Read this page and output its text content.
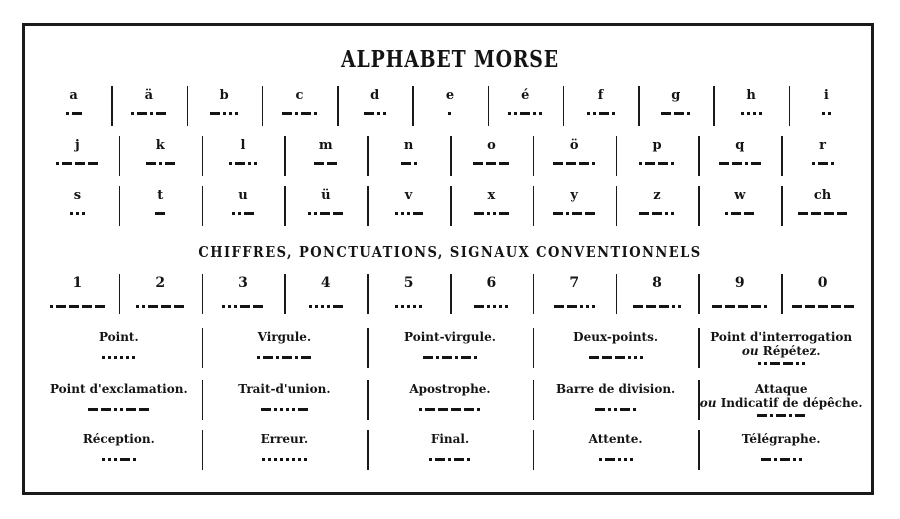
ALPHABET MORSE
CHIFFRES, PONCTUATIONS, SIGNAUX CONVENTIONNELS
a	ä	b	c	d	e	é	f	g	h	i
j	k	l	m	n	o	ö	p	q	r
s	t	u	ü	v	x	y	z	w	ch
1	2	3	4	5	6	7	8	9	0
Point.	Virgule.	Point-virgule.	Deux-points.	Point d'interrogation
ou Répétez.
Point d'exclamation.	Trait-d'union.	Apostrophe.	Barre de division.	Attaque
ou Indicatif de dépêche.
Réception.	Erreur.	Final.	Attente.	Télégraphe.
